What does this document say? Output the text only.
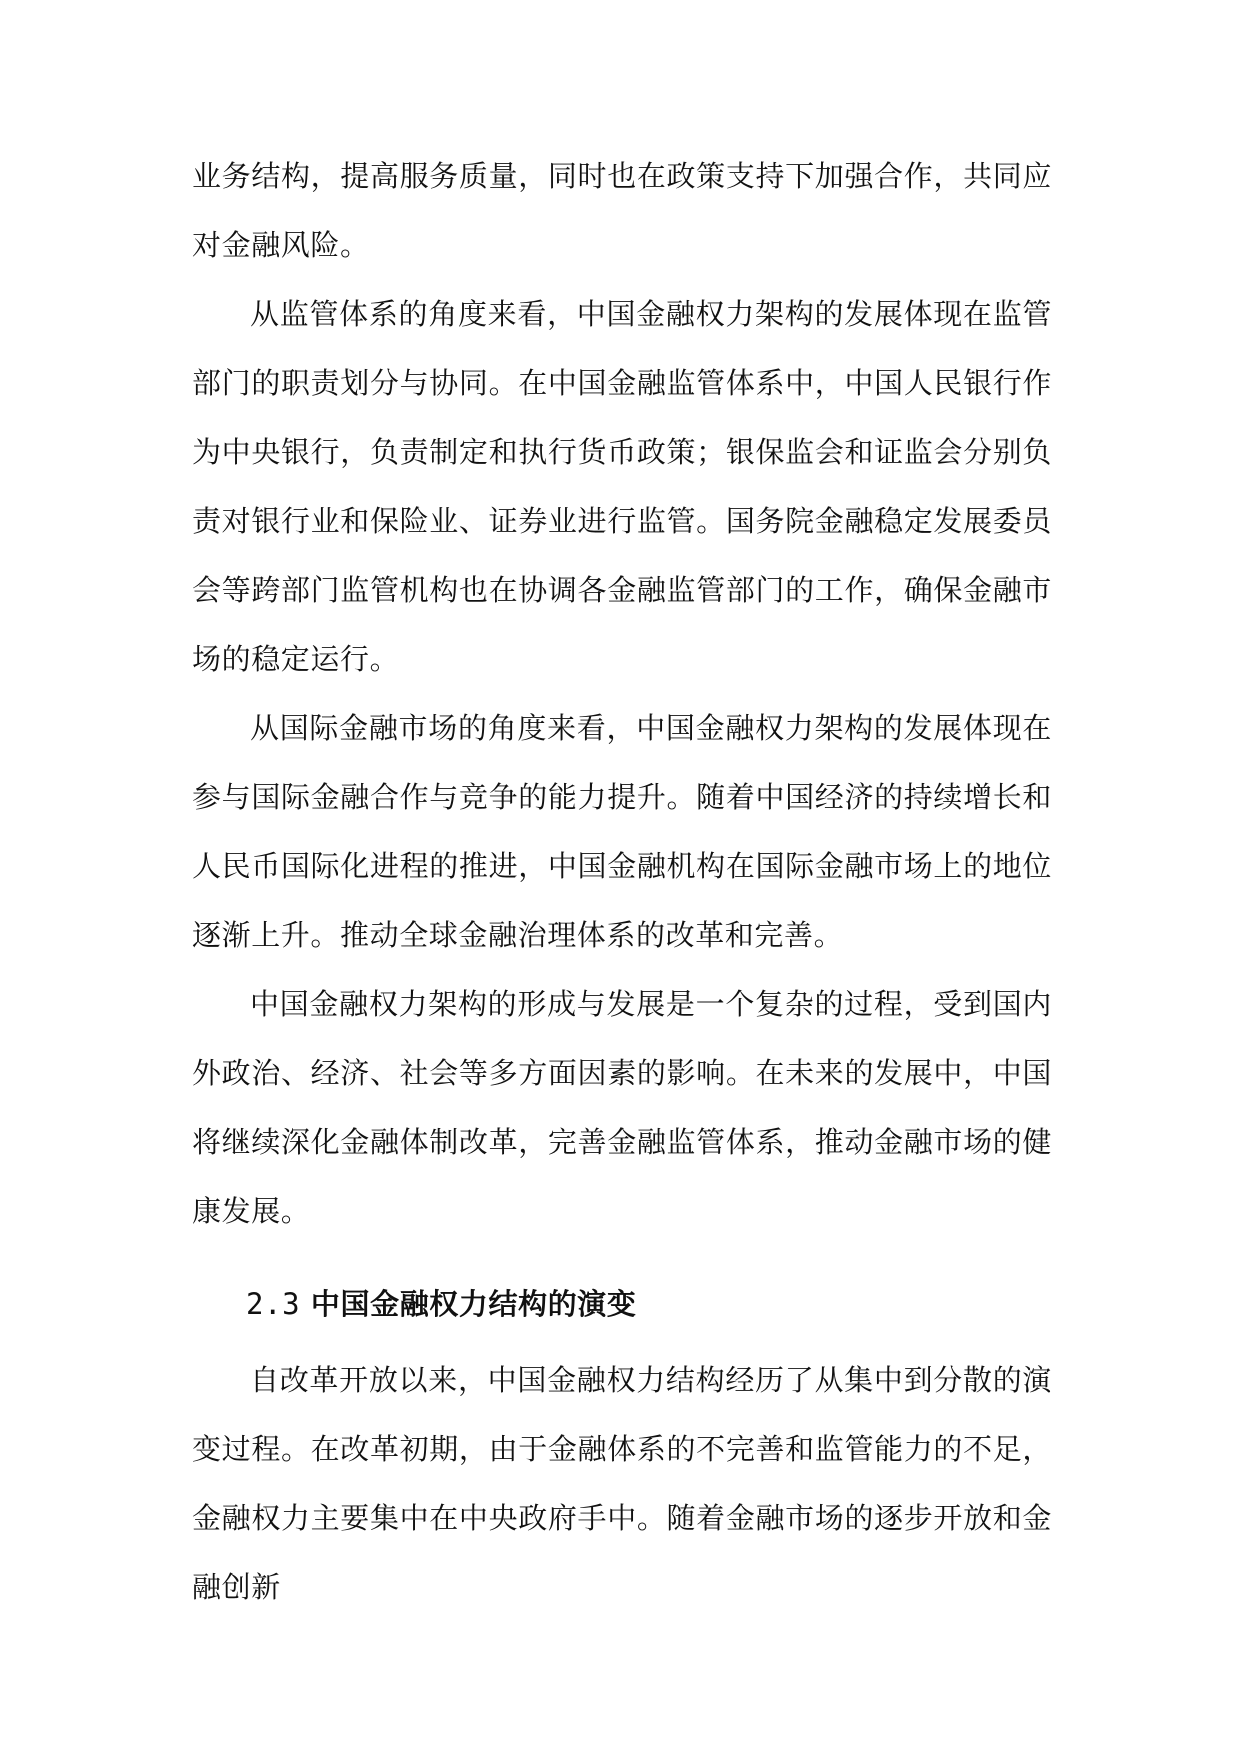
业务结构，提高服务质量，同时也在政策支持下加强合作，共同应对金融风险。

从监管体系的角度来看，中国金融权力架构的发展体现在监管部门的职责划分与协同。在中国金融监管体系中，中国人民银行作为中央银行，负责制定和执行货币政策；银保监会和证监会分别负责对银行业和保险业、证券业进行监管。国务院金融稳定发展委员会等跨部门监管机构也在协调各金融监管部门的工作，确保金融市场的稳定运行。

从国际金融市场的角度来看，中国金融权力架构的发展体现在参与国际金融合作与竞争的能力提升。随着中国经济的持续增长和人民币国际化进程的推进，中国金融机构在国际金融市场上的地位逐渐上升。推动全球金融治理体系的改革和完善。

中国金融权力架构的形成与发展是一个复杂的过程，受到国内外政治、经济、社会等多方面因素的影响。在未来的发展中，中国将继续深化金融体制改革，完善金融监管体系，推动金融市场的健康发展。

2.3 中国金融权力结构的演变

自改革开放以来，中国金融权力结构经历了从集中到分散的演变过程。在改革初期，由于金融体系的不完善和监管能力的不足，金融权力主要集中在中央政府手中。随着金融市场的逐步开放和金融创新
